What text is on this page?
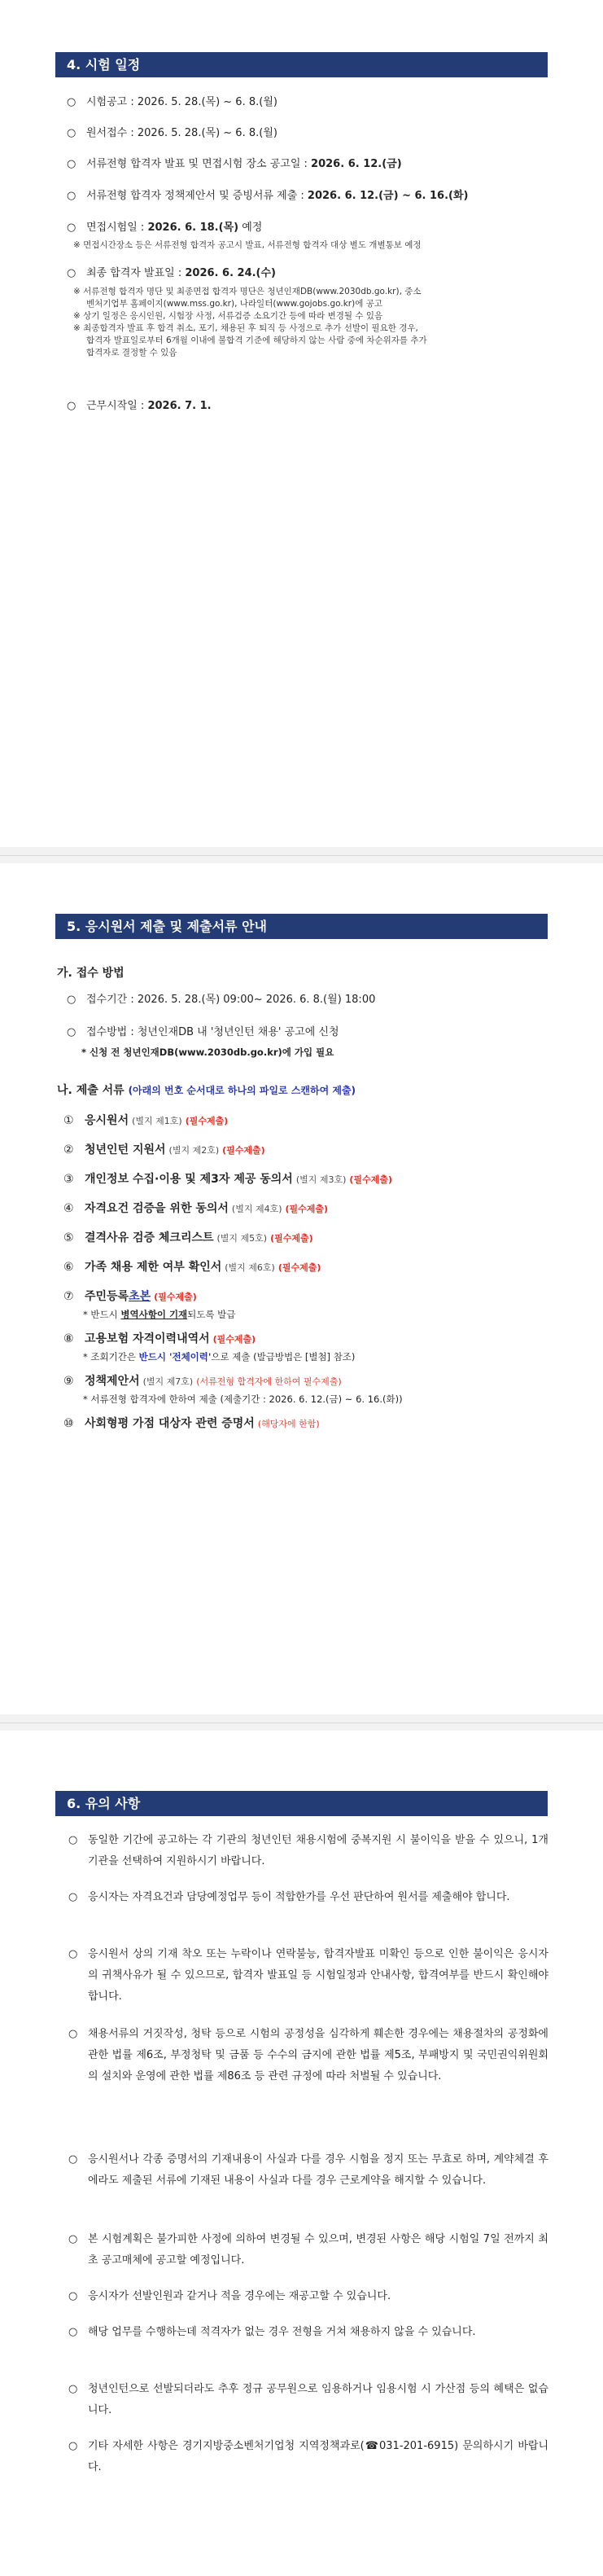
4. 시험 일정
○ 시험공고 : 2026. 5. 28.(목) ~ 6. 8.(월)
○ 원서접수 : 2026. 5. 28.(목) ~ 6. 8.(월)
○ 서류전형 합격자 발표 및 면접시험 장소 공고일 : 2026. 6. 12.(금)
○ 서류전형 합격자 정책제안서 및 증빙서류 제출 : 2026. 6. 12.(금) ~ 6. 16.(화)
○ 면접시험일 : 2026. 6. 18.(목) 예정
※ 면접시간장소 등은 서류전형 합격자 공고시 발표, 서류전형 합격자 대상 별도 개별통보 예정
○ 최종 합격자 발표일 : 2026. 6. 24.(수)
※ 서류전형 합격자 명단 및 최종면접 합격자 명단은 청년인재DB(www.2030db.go.kr), 중소
벤처기업부 홈페이지(www.mss.go.kr), 나라일터(www.gojobs.go.kr)에 공고
※ 상기 일정은 응시인원, 시험장 사정, 서류검증 소요기간 등에 따라 변경될 수 있음
※ 최종합격자 발표 후 합격 취소, 포기, 채용된 후 퇴직 등 사정으로 추가 선발이 필요한 경우,
합격자 발표일로부터 6개월 이내에 불합격 기준에 해당하지 않는 사람 중에 차순위자를 추가
합격자로 결정할 수 있음
○ 근무시작일 : 2026. 7. 1.
5. 응시원서 제출 및 제출서류 안내
가. 접수 방법
○ 접수기간 : 2026. 5. 28.(목) 09:00~ 2026. 6. 8.(월) 18:00
○ 접수방법 : 청년인재DB 내 '청년인턴 채용' 공고에 신청
* 신청 전 청년인재DB(www.2030db.go.kr)에 가입 필요
나. 제출 서류 (아래의 번호 순서대로 하나의 파일로 스캔하여 제출)
① 응시원서 (별지 제1호) (필수제출)
② 청년인턴 지원서 (별지 제2호) (필수제출)
③ 개인정보 수집·이용 및 제3자 제공 동의서 (별지 제3호) (필수제출)
④ 자격요건 검증을 위한 동의서 (별지 제4호) (필수제출)
⑤ 결격사유 검증 체크리스트 (별지 제5호) (필수제출)
⑥ 가족 채용 제한 여부 확인서 (별지 제6호) (필수제출)
⑦ 주민등록초본 (필수제출)
* 반드시 병역사항이 기재되도록 발급
⑧ 고용보험 자격이력내역서 (필수제출)
* 조회기간은 반드시 '전체이력'으로 제출 (발급방법은 [별첨] 참조)
⑨ 정책제안서 (별지 제7호) (서류전형 합격자에 한하여 필수제출)
* 서류전형 합격자에 한하여 제출 (제출기간 : 2026. 6. 12.(금) ~ 6. 16.(화))
⑩ 사회형평 가점 대상자 관련 증명서 (해당자에 한함)
6. 유의 사항
○ 동일한 기간에 공고하는 각 기관의 청년인턴 채용시험에 중복지원 시 불이익을 받을 수 있으니, 1개 기관을 선택하여 지원하시기 바랍니다.
○ 응시자는 자격요건과 담당예정업무 등이 적합한가를 우선 판단하여 원서를 제출해야 합니다.
○ 응시원서 상의 기재 착오 또는 누락이나 연락불능, 합격자발표 미확인 등으로 인한 불이익은 응시자의 귀책사유가 될 수 있으므로, 합격자 발표일 등 시험일정과 안내사항, 합격여부를 반드시 확인해야 합니다.
○ 채용서류의 거짓작성, 청탁 등으로 시험의 공정성을 심각하게 훼손한 경우에는 채용절차의 공정화에 관한 법률 제6조, 부정청탁 및 금품 등 수수의 금지에 관한 법률 제5조, 부패방지 및 국민권익위원회의 설치와 운영에 관한 법률 제86조 등 관련 규정에 따라 처벌될 수 있습니다.
○ 응시원서나 각종 증명서의 기재내용이 사실과 다를 경우 시험을 정지 또는 무효로 하며, 계약체결 후에라도 제출된 서류에 기재된 내용이 사실과 다를 경우 근로계약을 해지할 수 있습니다.
○ 본 시험계획은 불가피한 사정에 의하여 변경될 수 있으며, 변경된 사항은 해당 시험일 7일 전까지 최초 공고매체에 공고할 예정입니다.
○ 응시자가 선발인원과 같거나 적을 경우에는 재공고할 수 있습니다.
○ 해당 업무를 수행하는데 적격자가 없는 경우 전형을 거쳐 채용하지 않을 수 있습니다.
○ 청년인턴으로 선발되더라도 추후 정규 공무원으로 임용하거나 임용시험 시 가산점 등의 혜택은 없습니다.
○ 기타 자세한 사항은 경기지방중소벤처기업청 지역정책과로(☎031-201-6915) 문의하시기 바랍니다.
